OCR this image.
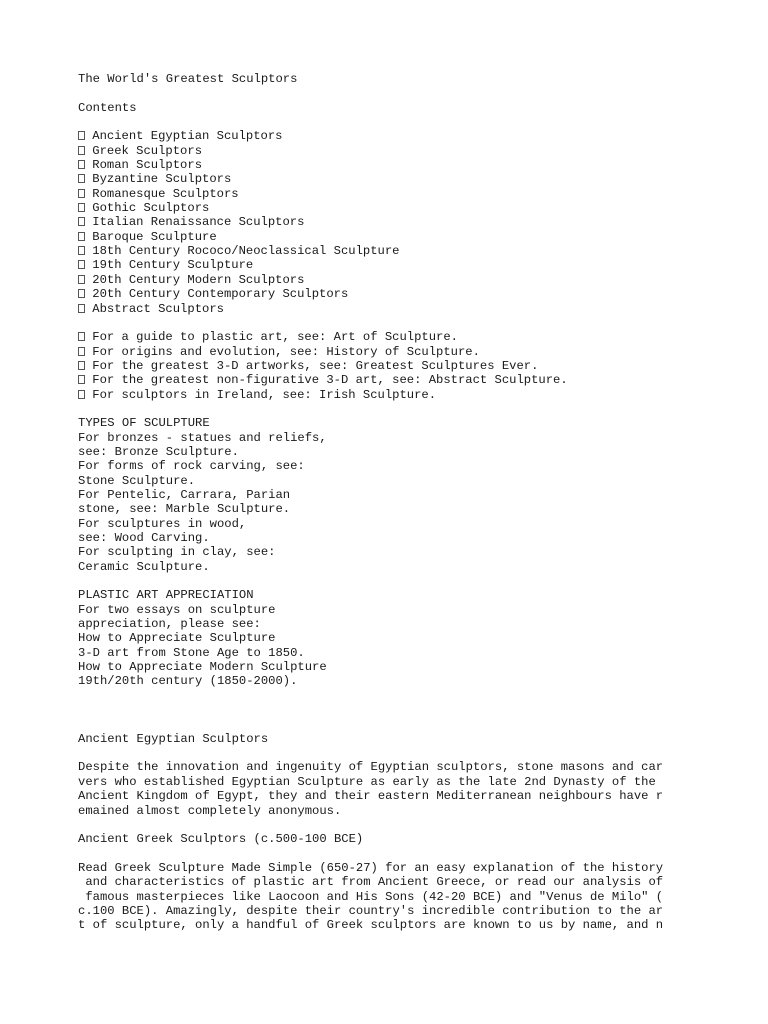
The World's Greatest Sculptors
Contents
Ancient Egyptian Sculptors
Greek Sculptors
Roman Sculptors
Byzantine Sculptors
Romanesque Sculptors
Gothic Sculptors
Italian Renaissance Sculptors
Baroque Sculpture
18th Century Rococo/Neoclassical Sculpture
19th Century Sculpture
20th Century Modern Sculptors
20th Century Contemporary Sculptors
Abstract Sculptors
For a guide to plastic art, see: Art of Sculpture.
For origins and evolution, see: History of Sculpture.
For the greatest 3-D artworks, see: Greatest Sculptures Ever.
For the greatest non-figurative 3-D art, see: Abstract Sculpture.
For sculptors in Ireland, see: Irish Sculpture.
TYPES OF SCULPTURE
For bronzes - statues and reliefs,
see: Bronze Sculpture.
For forms of rock carving, see:
Stone Sculpture.
For Pentelic, Carrara, Parian
stone, see: Marble Sculpture.
For sculptures in wood,
see: Wood Carving.
For sculpting in clay, see:
Ceramic Sculpture.
PLASTIC ART APPRECIATION
For two essays on sculpture
appreciation, please see:
How to Appreciate Sculpture
3-D art from Stone Age to 1850.
How to Appreciate Modern Sculpture
19th/20th century (1850-2000).
Ancient Egyptian Sculptors
Despite the innovation and ingenuity of Egyptian sculptors, stone masons and car
vers who established Egyptian Sculpture as early as the late 2nd Dynasty of the
Ancient Kingdom of Egypt, they and their eastern Mediterranean neighbours have r
emained almost completely anonymous.
Ancient Greek Sculptors (c.500-100 BCE)
Read Greek Sculpture Made Simple (650-27) for an easy explanation of the history
and characteristics of plastic art from Ancient Greece, or read our analysis of
famous masterpieces like Laocoon and His Sons (42-20 BCE) and "Venus de Milo" (
c.100 BCE). Amazingly, despite their country's incredible contribution to the ar
t of sculpture, only a handful of Greek sculptors are known to us by name, and n
